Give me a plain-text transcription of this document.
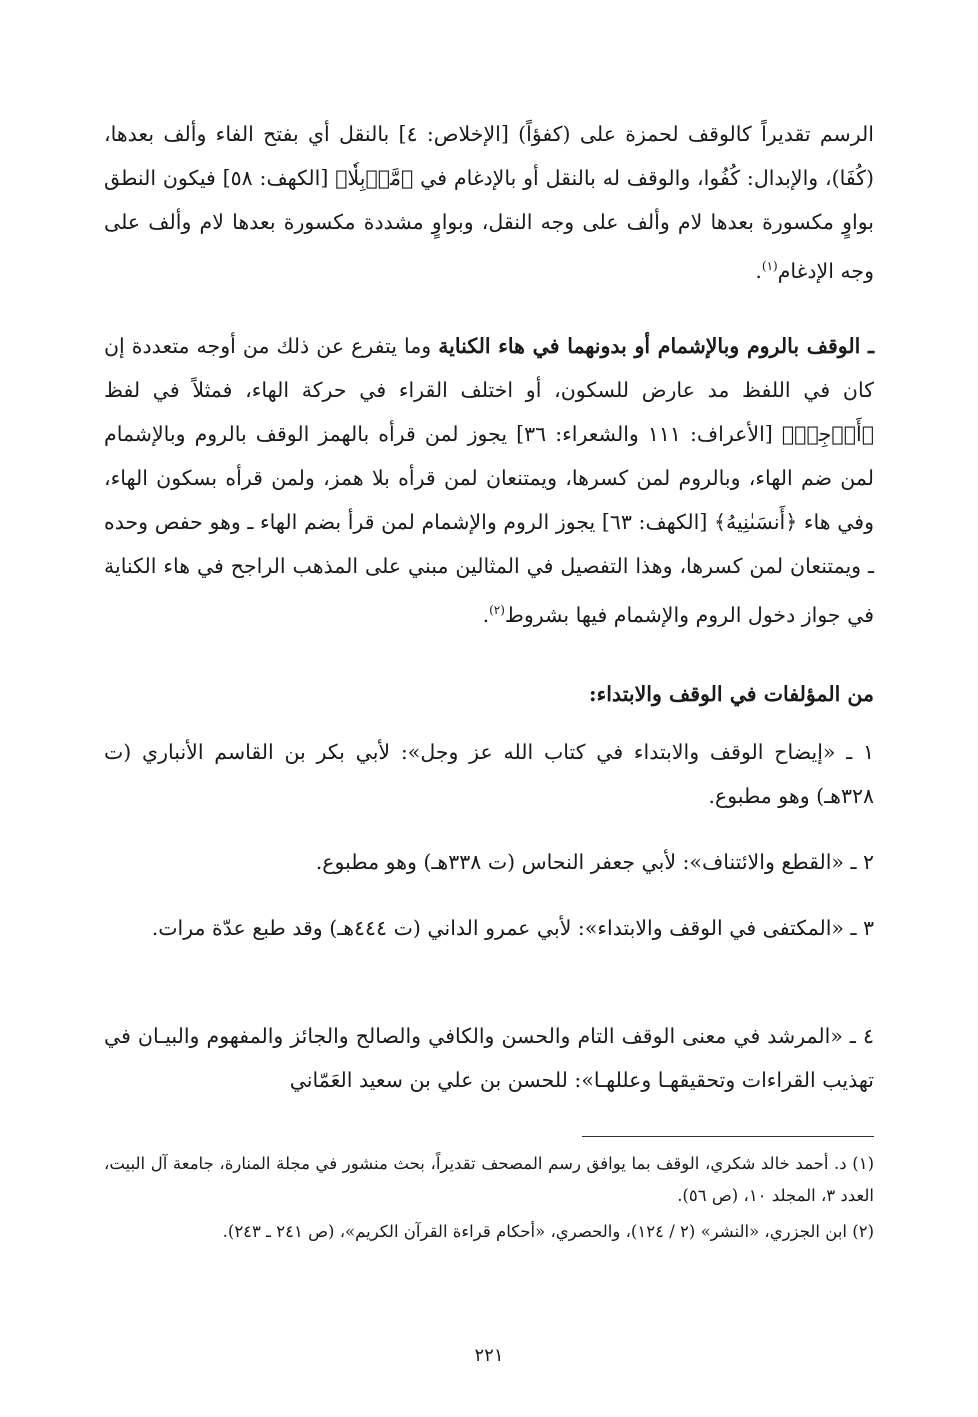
الرسم تقديراً كالوقف لحمزة على (كفؤاً) [الإخلاص: ٤] بالنقل أي بفتح الفاء وألف بعدها، (كُفَا)، والإبدال: كُفُوا، والوقف له بالنقل أو بالإدغام في ﴿مَّوۡبِلٗا﴾ [الكهف: ٥٨] فيكون النطق بواوٍ مكسورة بعدها لام وألف على وجه النقل، وبواوٍ مشددة مكسورة بعدها لام وألف على وجه الإدغام$^{(١)}$.

ـ الوقف بالروم وبالإشمام أو بدونهما في هاء الكناية وما يتفرع عن ذلك من أوجه متعددة إن كان في اللفظ مد عارض للسكون، أو اختلف القراء في حركة الهاء، فمثلاً في لفظ ﴿أَرۡجِهۡ﴾ [الأعراف: ١١١ والشعراء: ٣٦] يجوز لمن قرأه بالهمز الوقف بالروم وبالإشمام لمن ضم الهاء، وبالروم لمن كسرها، ويمتنعان لمن قرأه بلا همز، ولمن قرأه بسكون الهاء، وفي هاء ﴿أَنسَىٰنِيهُ﴾ [الكهف: ٦٣] يجوز الروم والإشمام لمن قرأ بضم الهاء ـ وهو حفص وحده ـ ويمتنعان لمن كسرها، وهذا التفصيل في المثالين مبني على المذهب الراجح في هاء الكناية في جواز دخول الروم والإشمام فيها بشروط$^{(٢)}$.

من المؤلفات في الوقف والابتداء:

١ ـ «إيضاح الوقف والابتداء في كتاب الله عز وجل»: لأبي بكر بن القاسم الأنباري (ت ٣٢٨هـ) وهو مطبوع.

٢ ـ «القطع والائتناف»: لأبي جعفر النحاس (ت ٣٣٨هـ) وهو مطبوع.

٣ ـ «المكتفى في الوقف والابتداء»: لأبي عمرو الداني (ت ٤٤٤هـ) وقد طبع عدّة مرات.

٤ ـ «المرشد في معنى الوقف التام والحسن والكافي والصالح والجائز والمفهوم والبيـان في تهذيب القراءات وتحقيقهـا وعللهـا»: للحسن بن علي بن سعيد العَمّاني

(١) د. أحمد خالد شكري، الوقف بما يوافق رسم المصحف تقديراً، بحث منشور في مجلة المنارة، جامعة آل البيت، العدد ٣، المجلد ١٠، (ص ٥٦).

(٢) ابن الجزري، «النشر» (٢ / ١٢٤)، والحصري، «أحكام قراءة القرآن الكريم»، (ص ٢٤١ ـ ٢٤٣).

٢٢١
